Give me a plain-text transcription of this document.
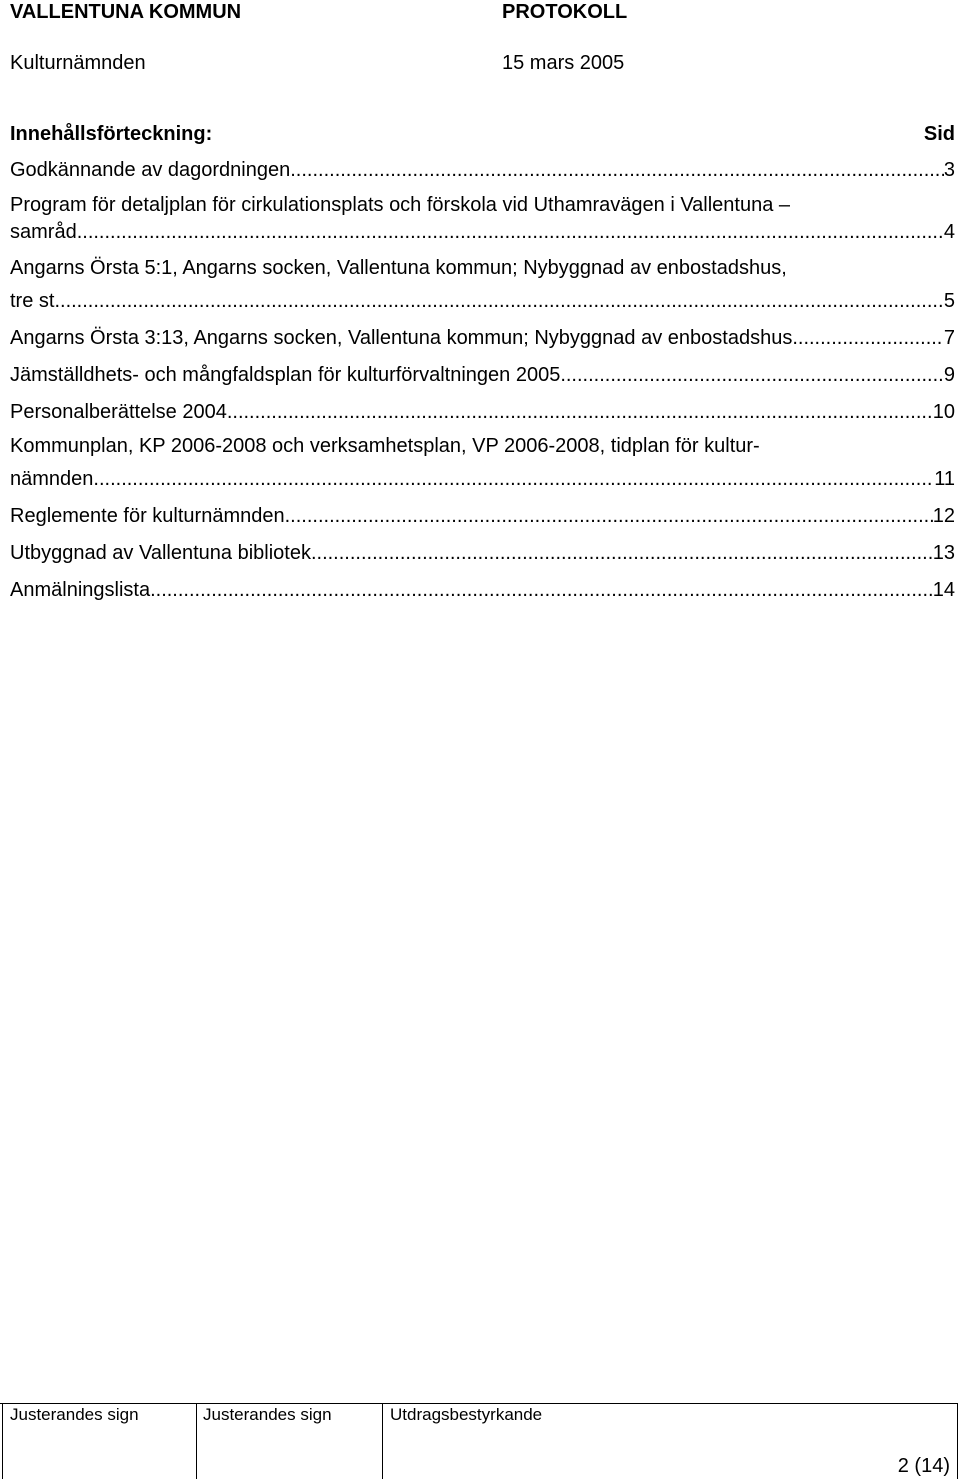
VALLENTUNA KOMMUN	PROTOKOLL
Kulturnämnden	15 mars 2005
Innehållsförteckning:	Sid
Godkännande av dagordningen .....	3
Program för detaljplan för cirkulationsplats och förskola vid Uthamravägen i Vallentuna –
samråd .....	4
Angarns Örsta 5:1, Angarns socken, Vallentuna kommun; Nybyggnad av enbostadshus,
tre st. .....	5
Angarns Örsta 3:13, Angarns socken, Vallentuna kommun; Nybyggnad av enbostadshus .....	7
Jämställdhets- och mångfaldsplan för kulturförvaltningen 2005 .....	9
Personalberättelse 2004 .....	10
Kommunplan, KP 2006-2008 och verksamhetsplan, VP 2006-2008, tidplan för kultur-
nämnden .....	11
Reglemente för kulturnämnden .....	12
Utbyggnad av Vallentuna bibliotek .....	13
Anmälningslista .....	14
Justerandes sign	Justerandes sign	Utdragsbestyrkande
2 (14)
